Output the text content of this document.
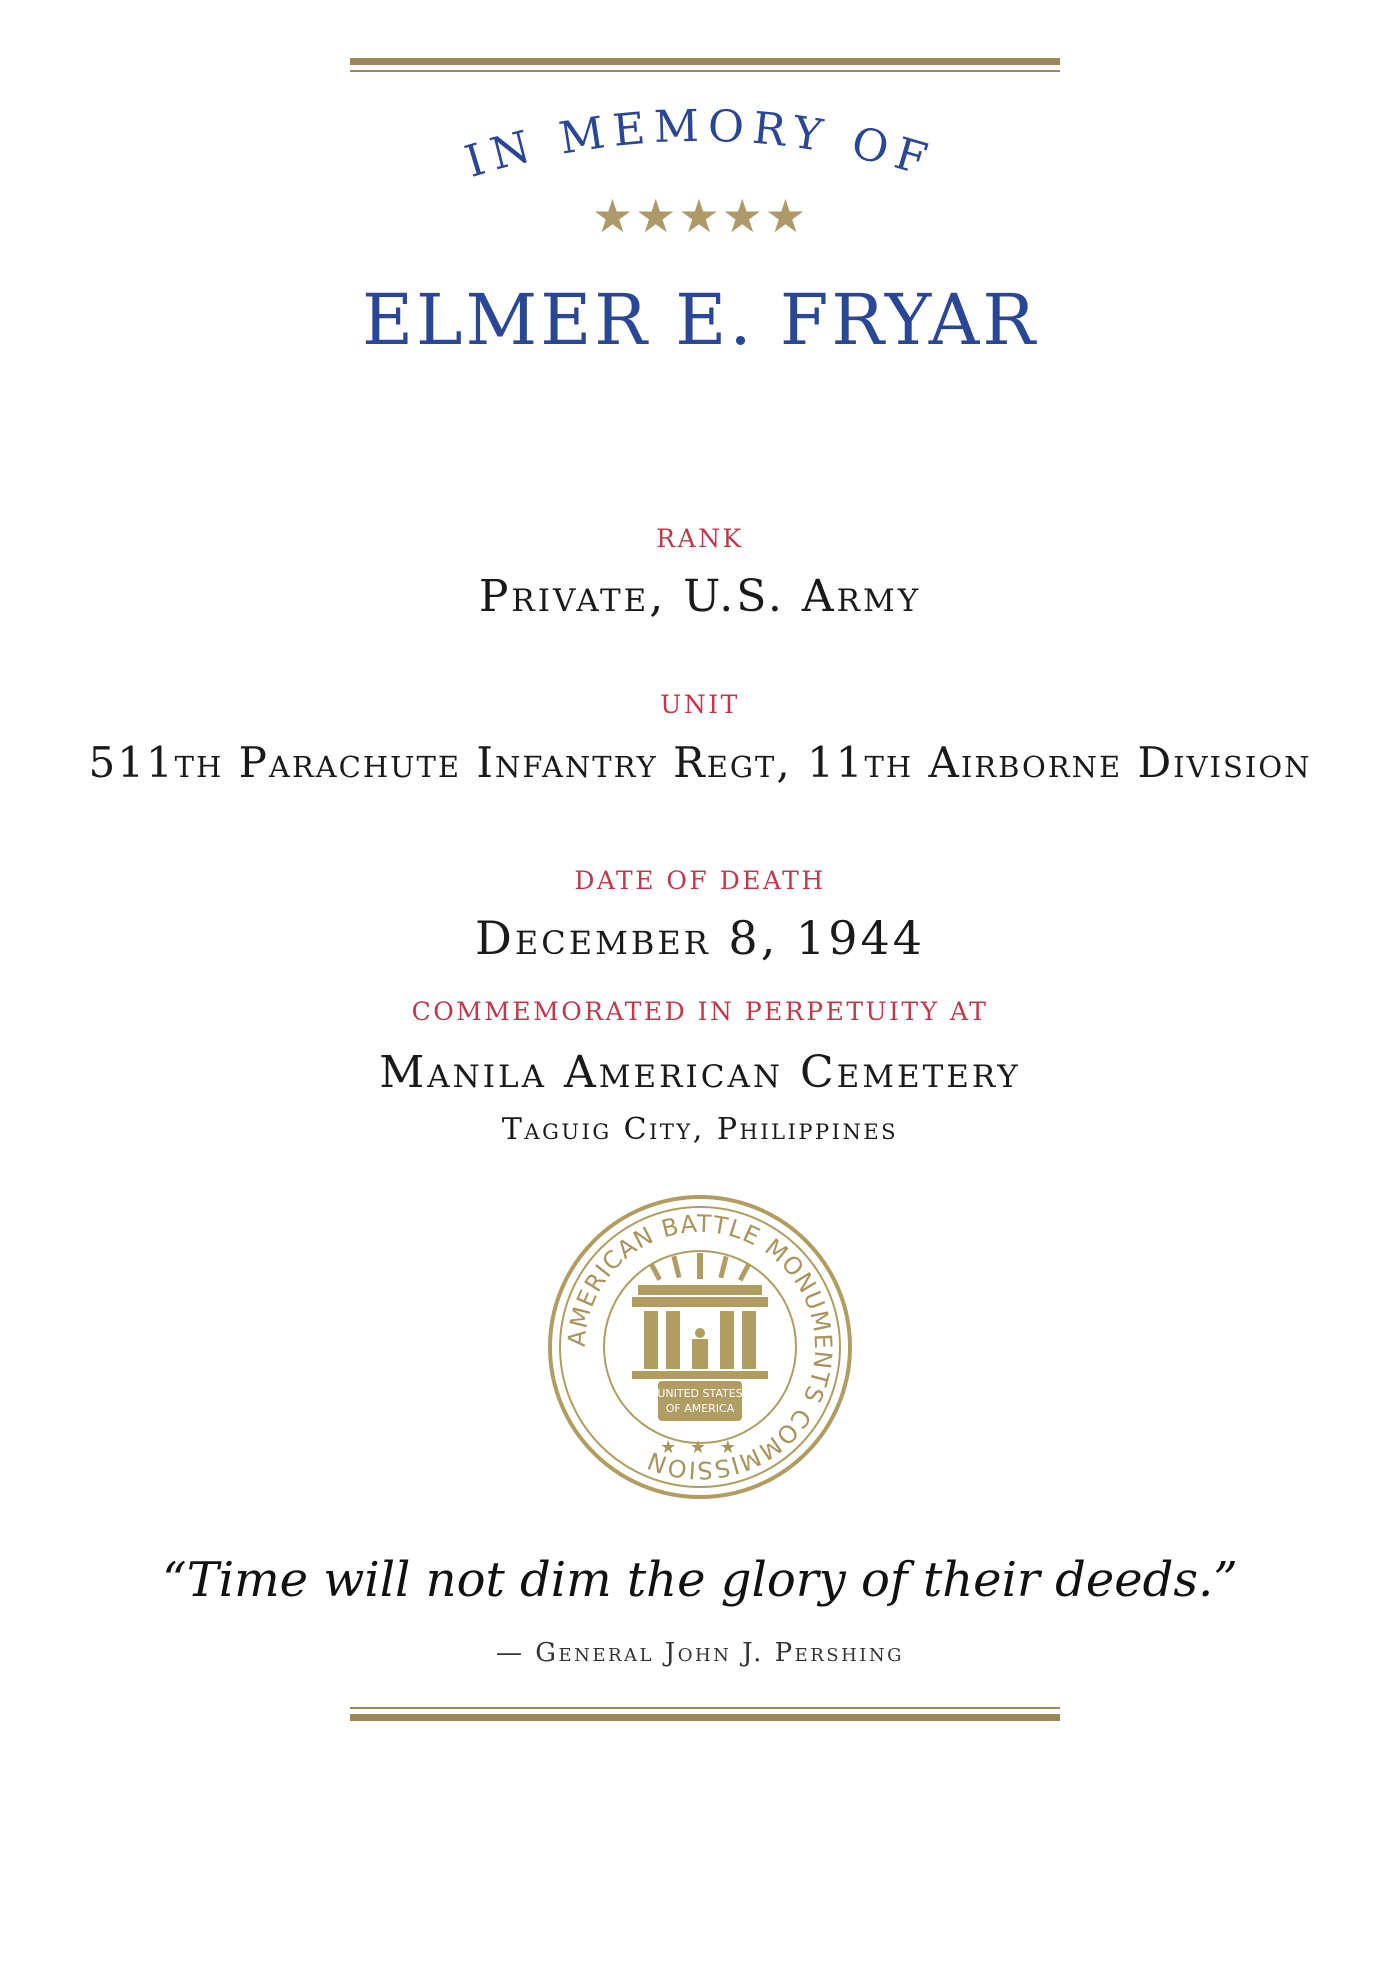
IN MEMORY OF
★★★★★
ELMER E. FRYAR
RANK
Private, U.S. Army
UNIT
511th Parachute Infantry Regt, 11th Airborne Division
DATE OF DEATH
December 8, 1944
COMMEMORATED IN PERPETUITY AT
Manila American Cemetery
Taguig City, Philippines
AMERICAN BATTLE MONUMENTS COMMISSION
UNITED STATES
OF AMERICA
★ ★ ★
“Time will not dim the glory of their deeds.”
— General John J. Pershing
